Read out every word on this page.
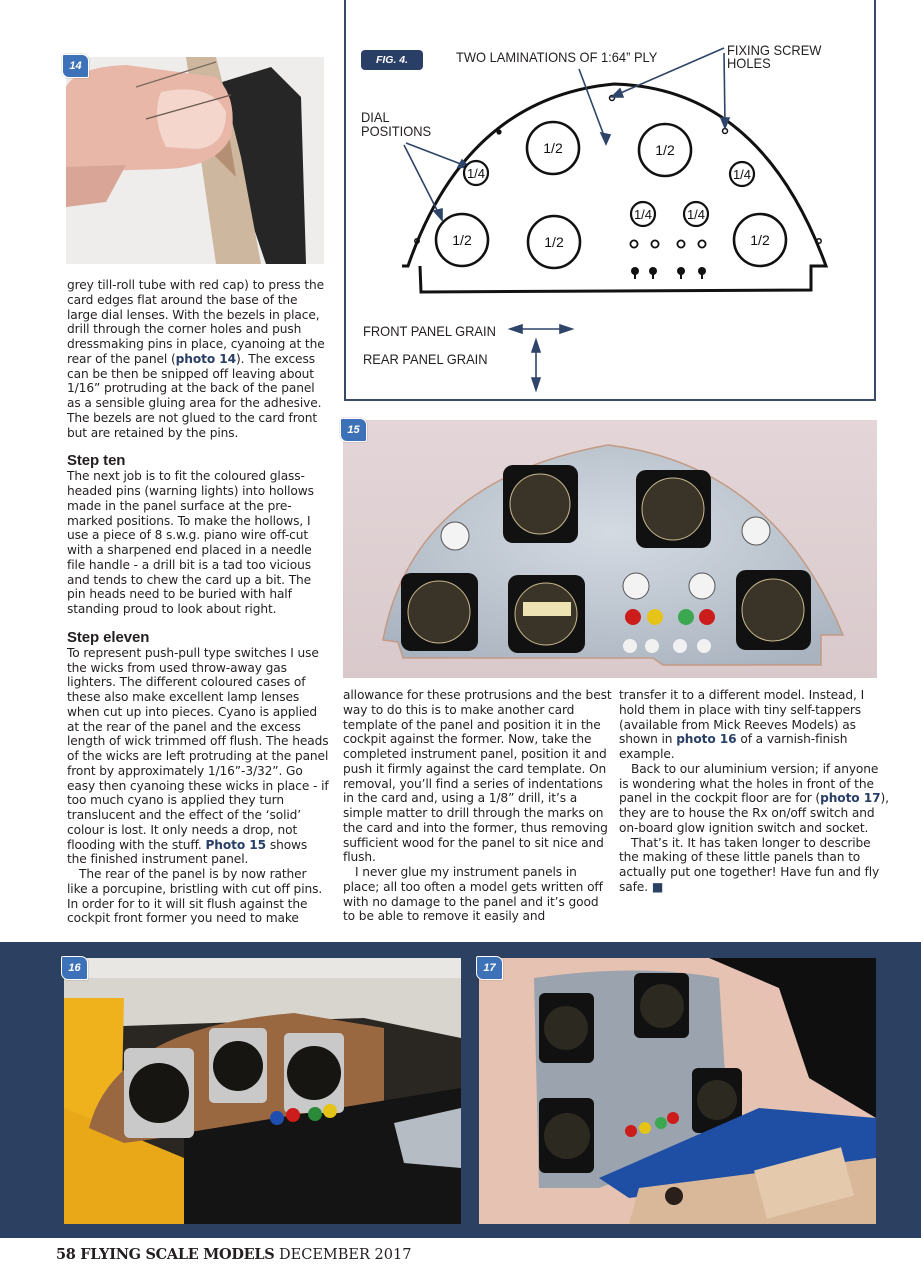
14	FIG. 4.	TWO LAMINATIONS OF 1:64” PLY	FIXING SCREW
HOLES
DIAL
POSITIONS
FRONT PANEL GRAIN
REAR PANEL GRAIN
1/2	1/2
1/4	1/4
1/4	1/4
1/2	1/2	1/2

grey till-roll tube with red cap) to press the card edges flat around the base of the large dial lenses. With the bezels in place, drill through the corner holes and push dressmaking pins in place, cyanoing at the rear of the panel (photo 14). The excess can be then be snipped off leaving about 1/16” protruding at the back of the panel as a sensible gluing area for the adhesive. The bezels are not glued to the card front but are retained by the pins.

Step ten

The next job is to fit the coloured glass-headed pins (warning lights) into hollows made in the panel surface at the pre-marked positions. To make the hollows, I use a piece of 8 s.w.g. piano wire off-cut with a sharpened end placed in a needle file handle - a drill bit is a tad too vicious and tends to chew the card up a bit. The pin heads need to be buried with half standing proud to look about right.

Step eleven

To represent push-pull type switches I use the wicks from used throw-away gas lighters. The different coloured cases of these also make excellent lamp lenses when cut up into pieces. Cyano is applied at the rear of the panel and the excess length of wick trimmed off flush. The heads of the wicks are left protruding at the panel front by approximately 1/16”-3/32”. Go easy then cyanoing these wicks in place - if too much cyano is applied they turn translucent and the effect of the ‘solid’ colour is lost. It only needs a drop, not flooding with the stuff. Photo 15 shows the finished instrument panel.

The rear of the panel is by now rather like a porcupine, bristling with cut off pins. In order for to it will sit flush against the cockpit front former you need to make

15

allowance for these protrusions and the best way to do this is to make another card template of the panel and position it in the cockpit against the former. Now, take the completed instrument panel, position it and push it firmly against the card template. On removal, you’ll find a series of indentations in the card and, using a 1/8” drill, it’s a simple matter to drill through the marks on the card and into the former, thus removing sufficient wood for the panel to sit nice and flush.

I never glue my instrument panels in place; all too often a model gets written off with no damage to the panel and it’s good to be able to remove it easily and

transfer it to a different model. Instead, I hold them in place with tiny self-tappers (available from Mick Reeves Models) as shown in photo 16 of a varnish-finish example.

Back to our aluminium version; if anyone is wondering what the holes in front of the panel in the cockpit floor are for (photo 17), they are to house the Rx on/off switch and on-board glow ignition switch and socket.

That’s it. It has taken longer to describe the making of these little panels than to actually put one together! Have fun and fly safe. ■

16	17
58 FLYING SCALE MODELS DECEMBER 2017
